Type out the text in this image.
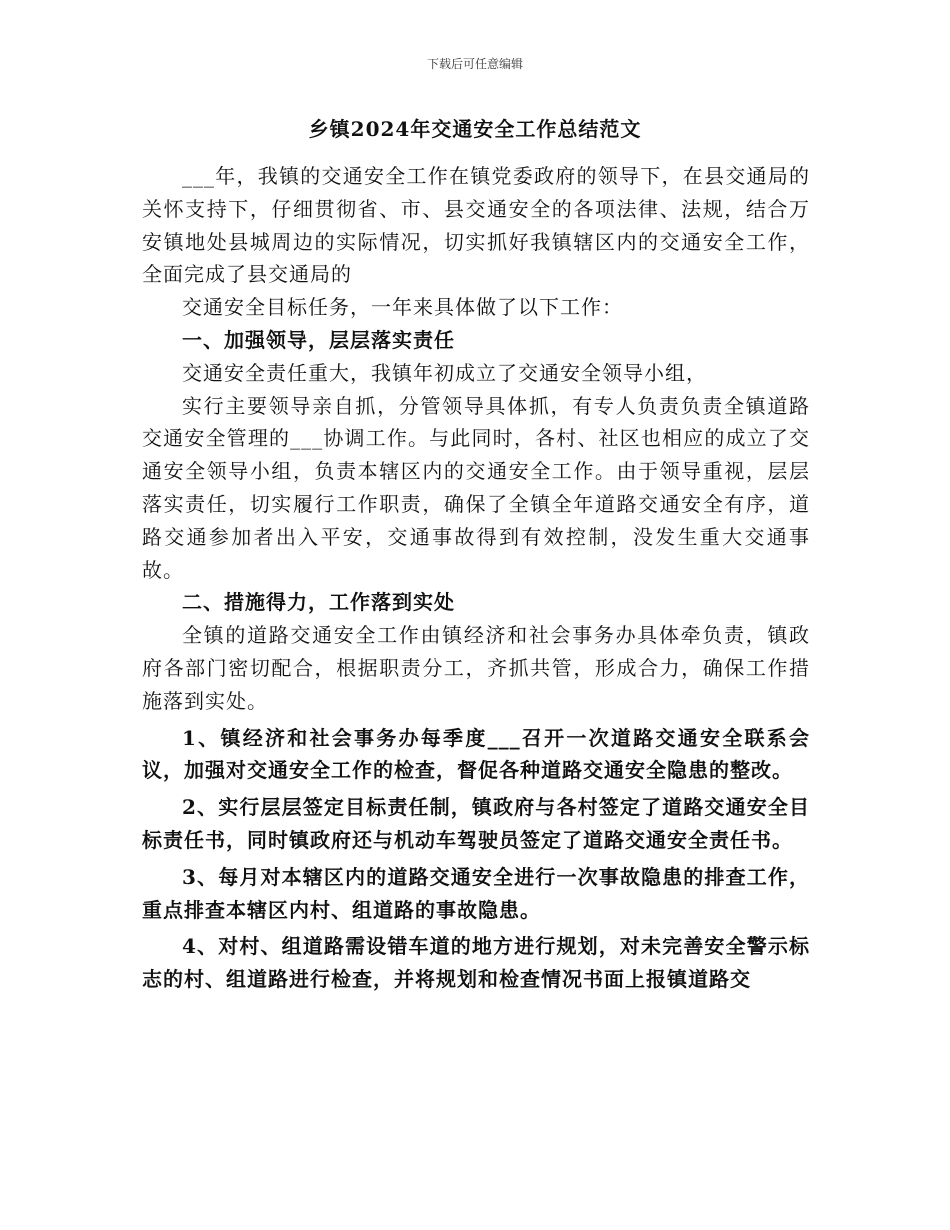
下载后可任意编辑
乡镇2024年交通安全工作总结范文

___年，我镇的交通安全工作在镇党委政府的领导下，在县交通局的关怀支持下，仔细贯彻省、市、县交通安全的各项法律、法规，结合万安镇地处县城周边的实际情况，切实抓好我镇辖区内的交通安全工作，全面完成了县交通局的

交通安全目标任务，一年来具体做了以下工作：

一、加强领导，层层落实责任

交通安全责任重大，我镇年初成立了交通安全领导小组，

实行主要领导亲自抓，分管领导具体抓，有专人负责负责全镇道路交通安全管理的___协调工作。与此同时，各村、社区也相应的成立了交通安全领导小组，负责本辖区内的交通安全工作。由于领导重视，层层落实责任，切实履行工作职责，确保了全镇全年道路交通安全有序，道路交通参加者出入平安，交通事故得到有效控制，没发生重大交通事故。

二、措施得力，工作落到实处

全镇的道路交通安全工作由镇经济和社会事务办具体牵负责，镇政府各部门密切配合，根据职责分工，齐抓共管，形成合力，确保工作措施落到实处。

1、镇经济和社会事务办每季度___召开一次道路交通安全联系会议，加强对交通安全工作的检查，督促各种道路交通安全隐患的整改。

2、实行层层签定目标责任制，镇政府与各村签定了道路交通安全目标责任书，同时镇政府还与机动车驾驶员签定了道路交通安全责任书。

3、每月对本辖区内的道路交通安全进行一次事故隐患的排查工作，重点排查本辖区内村、组道路的事故隐患。

4、对村、组道路需设错车道的地方进行规划，对未完善安全警示标志的村、组道路进行检查，并将规划和检查情况书面上报镇道路交
